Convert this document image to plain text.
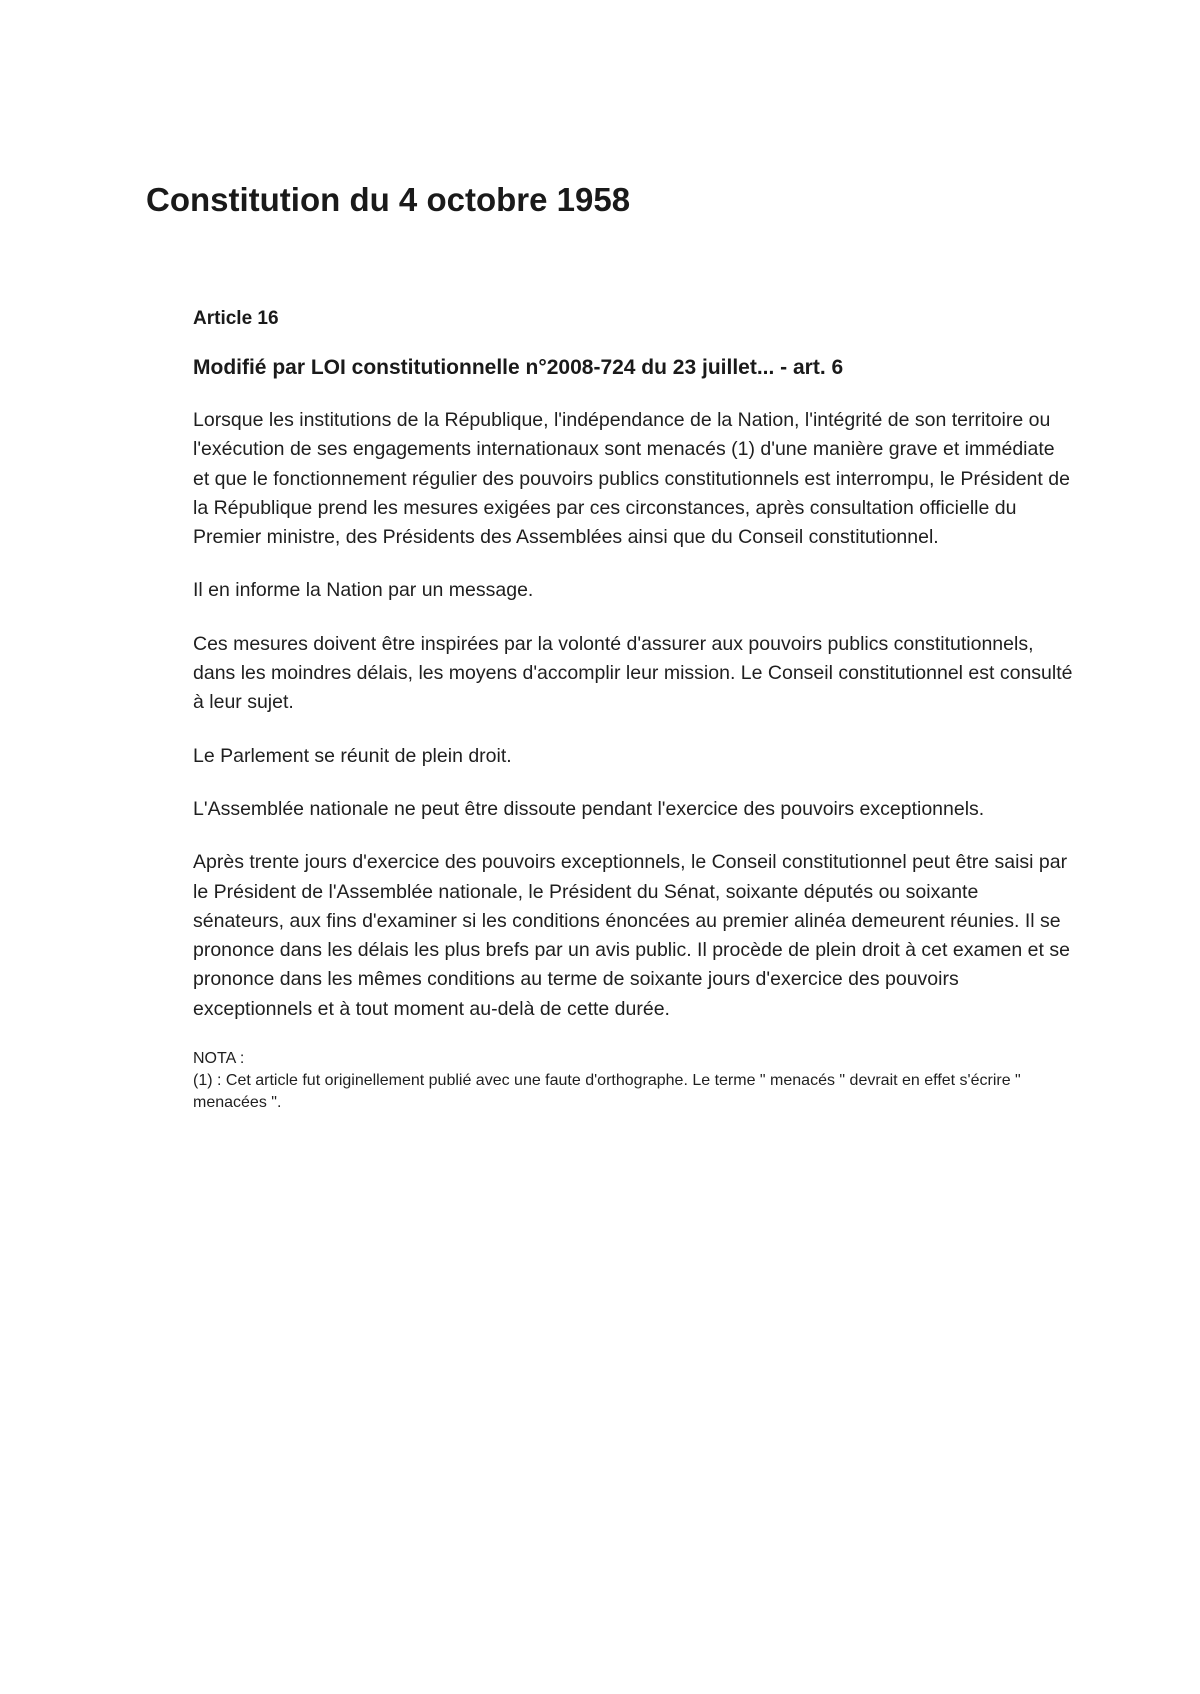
Constitution du 4 octobre 1958
Article 16
Modifié par LOI constitutionnelle n°2008-724 du 23 juillet... - art. 6

Lorsque les institutions de la République, l'indépendance de la Nation, l'intégrité de son territoire ou l'exécution de ses engagements internationaux sont menacés (1) d'une manière grave et immédiate et que le fonctionnement régulier des pouvoirs publics constitutionnels est interrompu, le Président de la République prend les mesures exigées par ces circonstances, après consultation officielle du Premier ministre, des Présidents des Assemblées ainsi que du Conseil constitutionnel.

Il en informe la Nation par un message.

Ces mesures doivent être inspirées par la volonté d'assurer aux pouvoirs publics constitutionnels, dans les moindres délais, les moyens d'accomplir leur mission. Le Conseil constitutionnel est consulté à leur sujet.

Le Parlement se réunit de plein droit.

L'Assemblée nationale ne peut être dissoute pendant l'exercice des pouvoirs exceptionnels.

Après trente jours d'exercice des pouvoirs exceptionnels, le Conseil constitutionnel peut être saisi par le Président de l'Assemblée nationale, le Président du Sénat, soixante députés ou soixante sénateurs, aux fins d'examiner si les conditions énoncées au premier alinéa demeurent réunies. Il se prononce dans les délais les plus brefs par un avis public. Il procède de plein droit à cet examen et se prononce dans les mêmes conditions au terme de soixante jours d'exercice des pouvoirs exceptionnels et à tout moment au-delà de cette durée.

NOTA :
(1) : Cet article fut originellement publié avec une faute d'orthographe. Le terme " menacés " devrait en effet s'écrire " menacées ".
